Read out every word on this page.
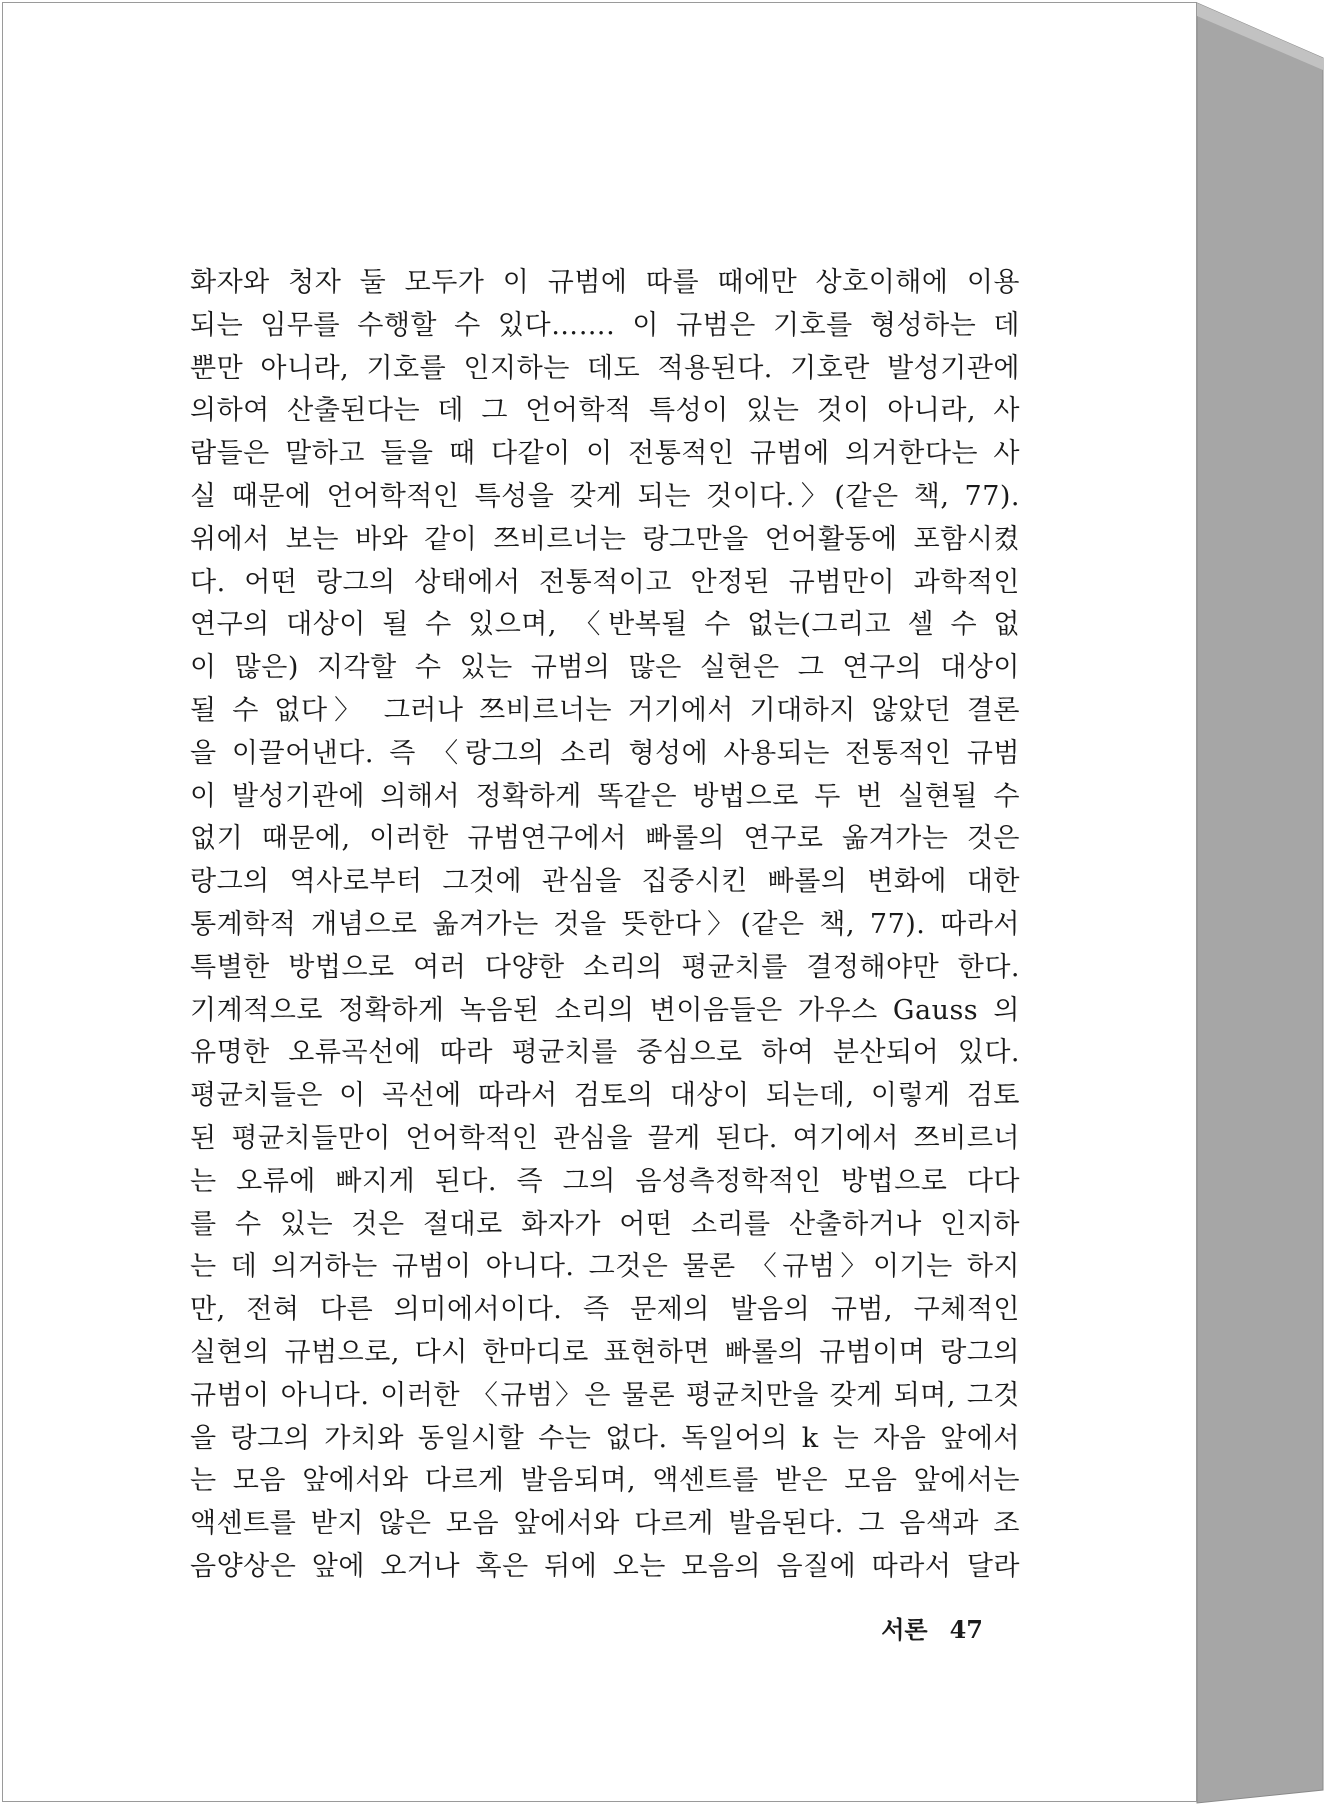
화자와 청자 둘 모두가 이 규범에 따를 때에만 상호이해에 이용
되는 임무를 수행할 수 있다……. 이 규범은 기호를 형성하는 데
뿐만 아니라, 기호를 인지하는 데도 적용된다. 기호란 발성기관에
의하여 산출된다는 데 그 언어학적 특성이 있는 것이 아니라, 사
람들은 말하고 들을 때 다같이 이 전통적인 규범에 의거한다는 사
실 때문에 언어학적인 특성을 갖게 되는 것이다.〉(같은 책, 77).
위에서 보는 바와 같이 쯔비르너는 랑그만을 언어활동에 포함시켰
다. 어떤 랑그의 상태에서 전통적이고 안정된 규범만이 과학적인
연구의 대상이 될 수 있으며, 〈반복될 수 없는(그리고 셀 수 없
이 많은) 지각할 수 있는 규범의 많은 실현은 그 연구의 대상이
될 수 없다〉 그러나 쯔비르너는 거기에서 기대하지 않았던 결론
을 이끌어낸다. 즉 〈랑그의 소리 형성에 사용되는 전통적인 규범
이 발성기관에 의해서 정확하게 똑같은 방법으로 두 번 실현될 수
없기 때문에, 이러한 규범연구에서 빠롤의 연구로 옮겨가는 것은
랑그의 역사로부터 그것에 관심을 집중시킨 빠롤의 변화에 대한
통계학적 개념으로 옮겨가는 것을 뜻한다〉(같은 책, 77). 따라서
특별한 방법으로 여러 다양한 소리의 평균치를 결정해야만 한다.
기계적으로 정확하게 녹음된 소리의 변이음들은 가우스 Gauss 의
유명한 오류곡선에 따라 평균치를 중심으로 하여 분산되어 있다.
평균치들은 이 곡선에 따라서 검토의 대상이 되는데, 이렇게 검토
된 평균치들만이 언어학적인 관심을 끌게 된다. 여기에서 쯔비르너
는 오류에 빠지게 된다. 즉 그의 음성측정학적인 방법으로 다다
를 수 있는 것은 절대로 화자가 어떤 소리를 산출하거나 인지하
는 데 의거하는 규범이 아니다. 그것은 물론 〈규범〉이기는 하지
만, 전혀 다른 의미에서이다. 즉 문제의 발음의 규범, 구체적인
실현의 규범으로, 다시 한마디로 표현하면 빠롤의 규범이며 랑그의
규범이 아니다. 이러한 〈규범〉은 물론 평균치만을 갖게 되며, 그것
을 랑그의 가치와 동일시할 수는 없다. 독일어의 k 는 자음 앞에서
는 모음 앞에서와 다르게 발음되며, 액센트를 받은 모음 앞에서는
액센트를 받지 않은 모음 앞에서와 다르게 발음된다. 그 음색과 조
음양상은 앞에 오거나 혹은 뒤에 오는 모음의 음질에 따라서 달라
서론 47
